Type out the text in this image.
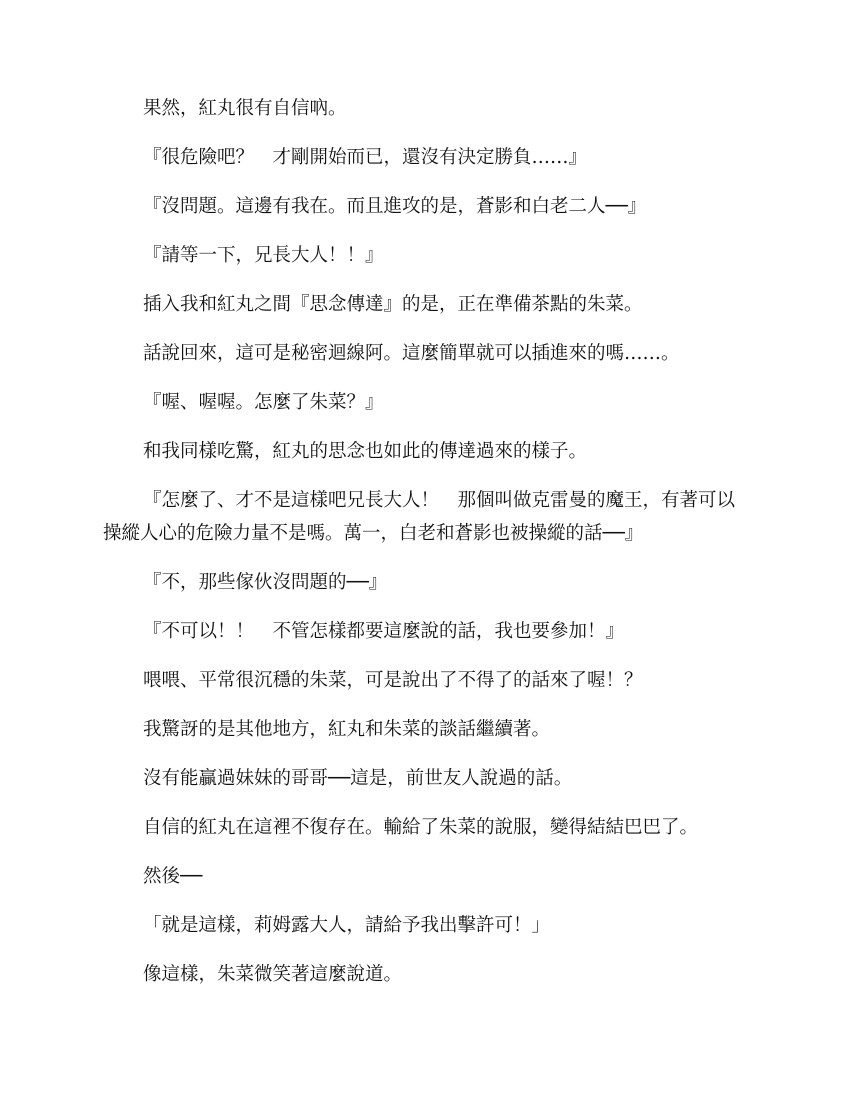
果然，紅丸很有自信吶。

『很危險吧？　才剛開始而已，還沒有決定勝負……』

『沒問題。這邊有我在。而且進攻的是，蒼影和白老二人──』

『請等一下，兄長大人！！』

插入我和紅丸之間『思念傳達』的是，正在準備茶點的朱菜。

話說回來，這可是秘密迴線阿。這麼簡單就可以插進來的嗎……。

『喔、喔喔。怎麼了朱菜？』

和我同樣吃驚，紅丸的思念也如此的傳達過來的樣子。

『怎麼了、才不是這樣吧兄長大人！　那個叫做克雷曼的魔王，有著可以操縱人心的危險力量不是嗎。萬一，白老和蒼影也被操縱的話──』

『不，那些傢伙沒問題的──』

『不可以！！　不管怎樣都要這麼說的話，我也要參加！』

喂喂、平常很沉穩的朱菜，可是說出了不得了的話來了喔！？

我驚訝的是其他地方，紅丸和朱菜的談話繼續著。

沒有能贏過妹妹的哥哥──這是，前世友人說過的話。

自信的紅丸在這裡不復存在。輸給了朱菜的說服，變得結結巴巴了。

然後──

「就是這樣，莉姆露大人，請給予我出擊許可！」

像這樣，朱菜微笑著這麼說道。
